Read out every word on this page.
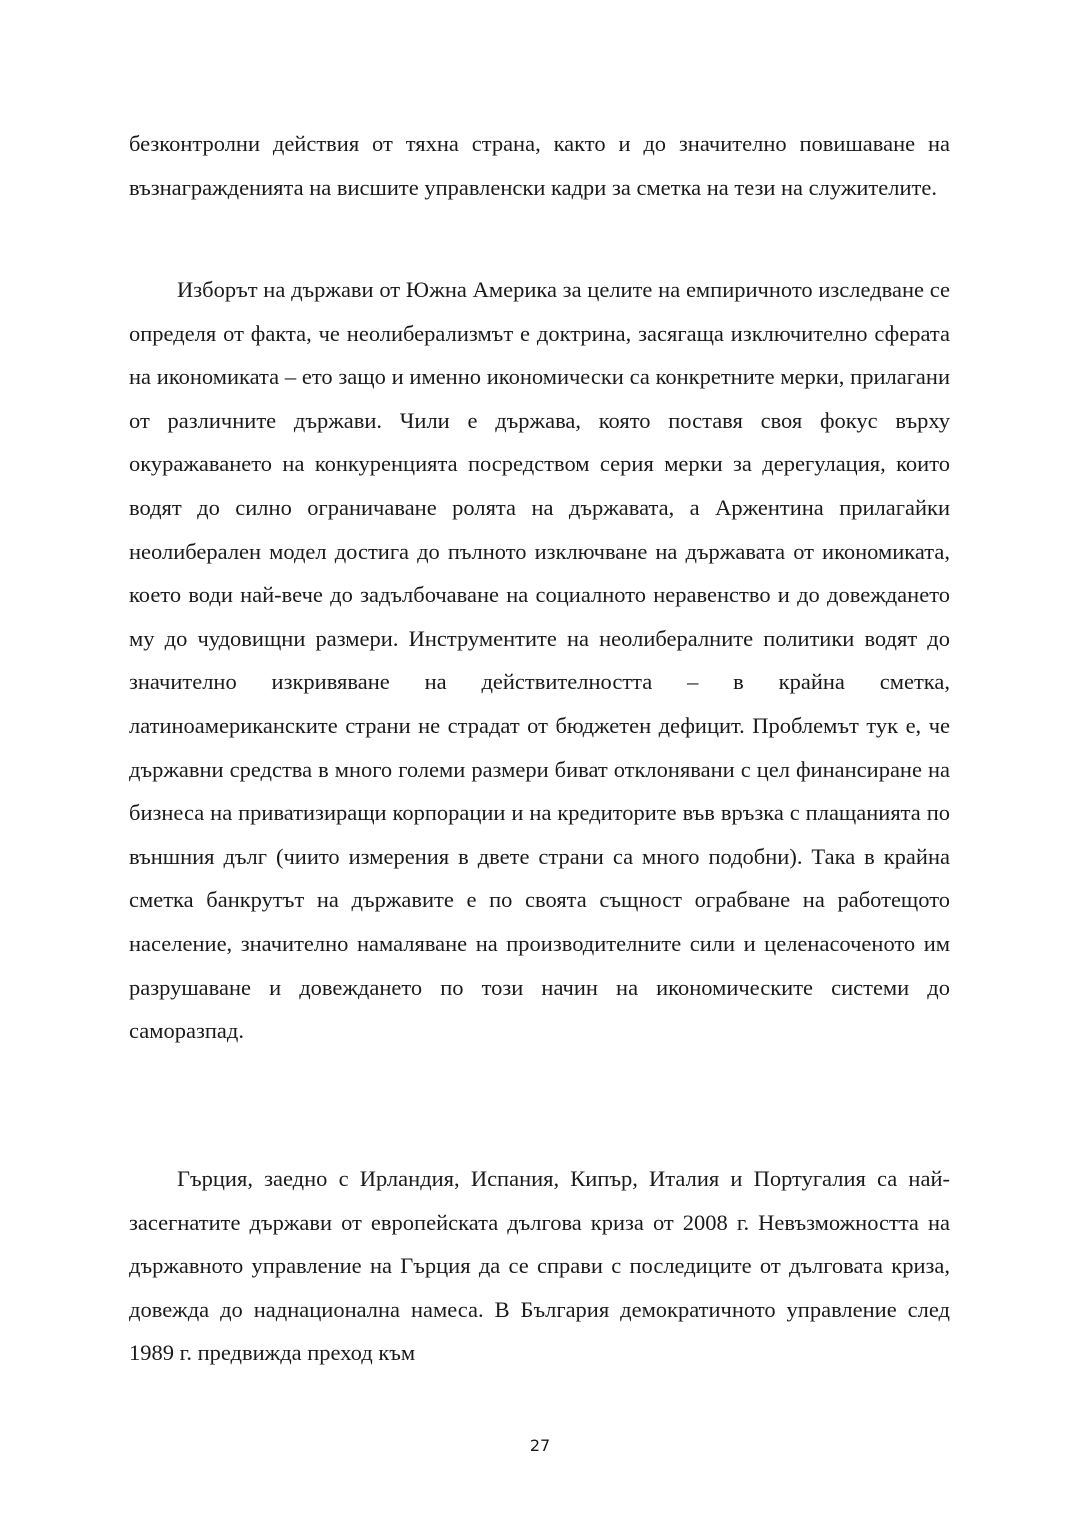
безконтролни действия от тяхна страна, както и до значително повишаване на възнагражденията на висшите управленски кадри за сметка на тези на служителите.

Изборът на държави от Южна Америка за целите на емпиричното изследване се определя от факта, че неолиберализмът е доктрина, засягаща изключително сферата на икономиката – ето защо и именно икономически са конкретните мерки, прилагани от различните държави. Чили е държава, която поставя своя фокус върху окуражаването на конкуренцията посредством серия мерки за дерегулация, които водят до силно ограничаване ролята на държавата, а Аржентина прилагайки неолиберален модел достига до пълното изключване на държавата от икономиката, което води най-вече до задълбочаване на социалното неравенство и до довеждането му до чудовищни размери. Инструментите на неолибералните политики водят до значително изкривяване на действителността – в крайна сметка, латиноамериканските страни не страдат от бюджетен дефицит. Проблемът тук е, че държавни средства в много големи размери биват отклонявани с цел финансиране на бизнеса на приватизиращи корпорации и на кредиторите във връзка с плащанията по външния дълг (чиито измерения в двете страни са много подобни). Така в крайна сметка банкрутът на държавите е по своята същност ограбване на работещото население, значително намаляване на производителните сили и целенасоченото им разрушаване и довеждането по този начин на икономическите системи до саморазпад.

Гърция, заедно с Ирландия, Испания, Кипър, Италия и Португалия са най-засегнатите държави от европейската дългова криза от 2008 г. Невъзможността на държавното управление на Гърция да се справи с последиците от дълговата криза, довежда до наднационална намеса. В България демократичното управление след 1989 г. предвижда преход към

27
